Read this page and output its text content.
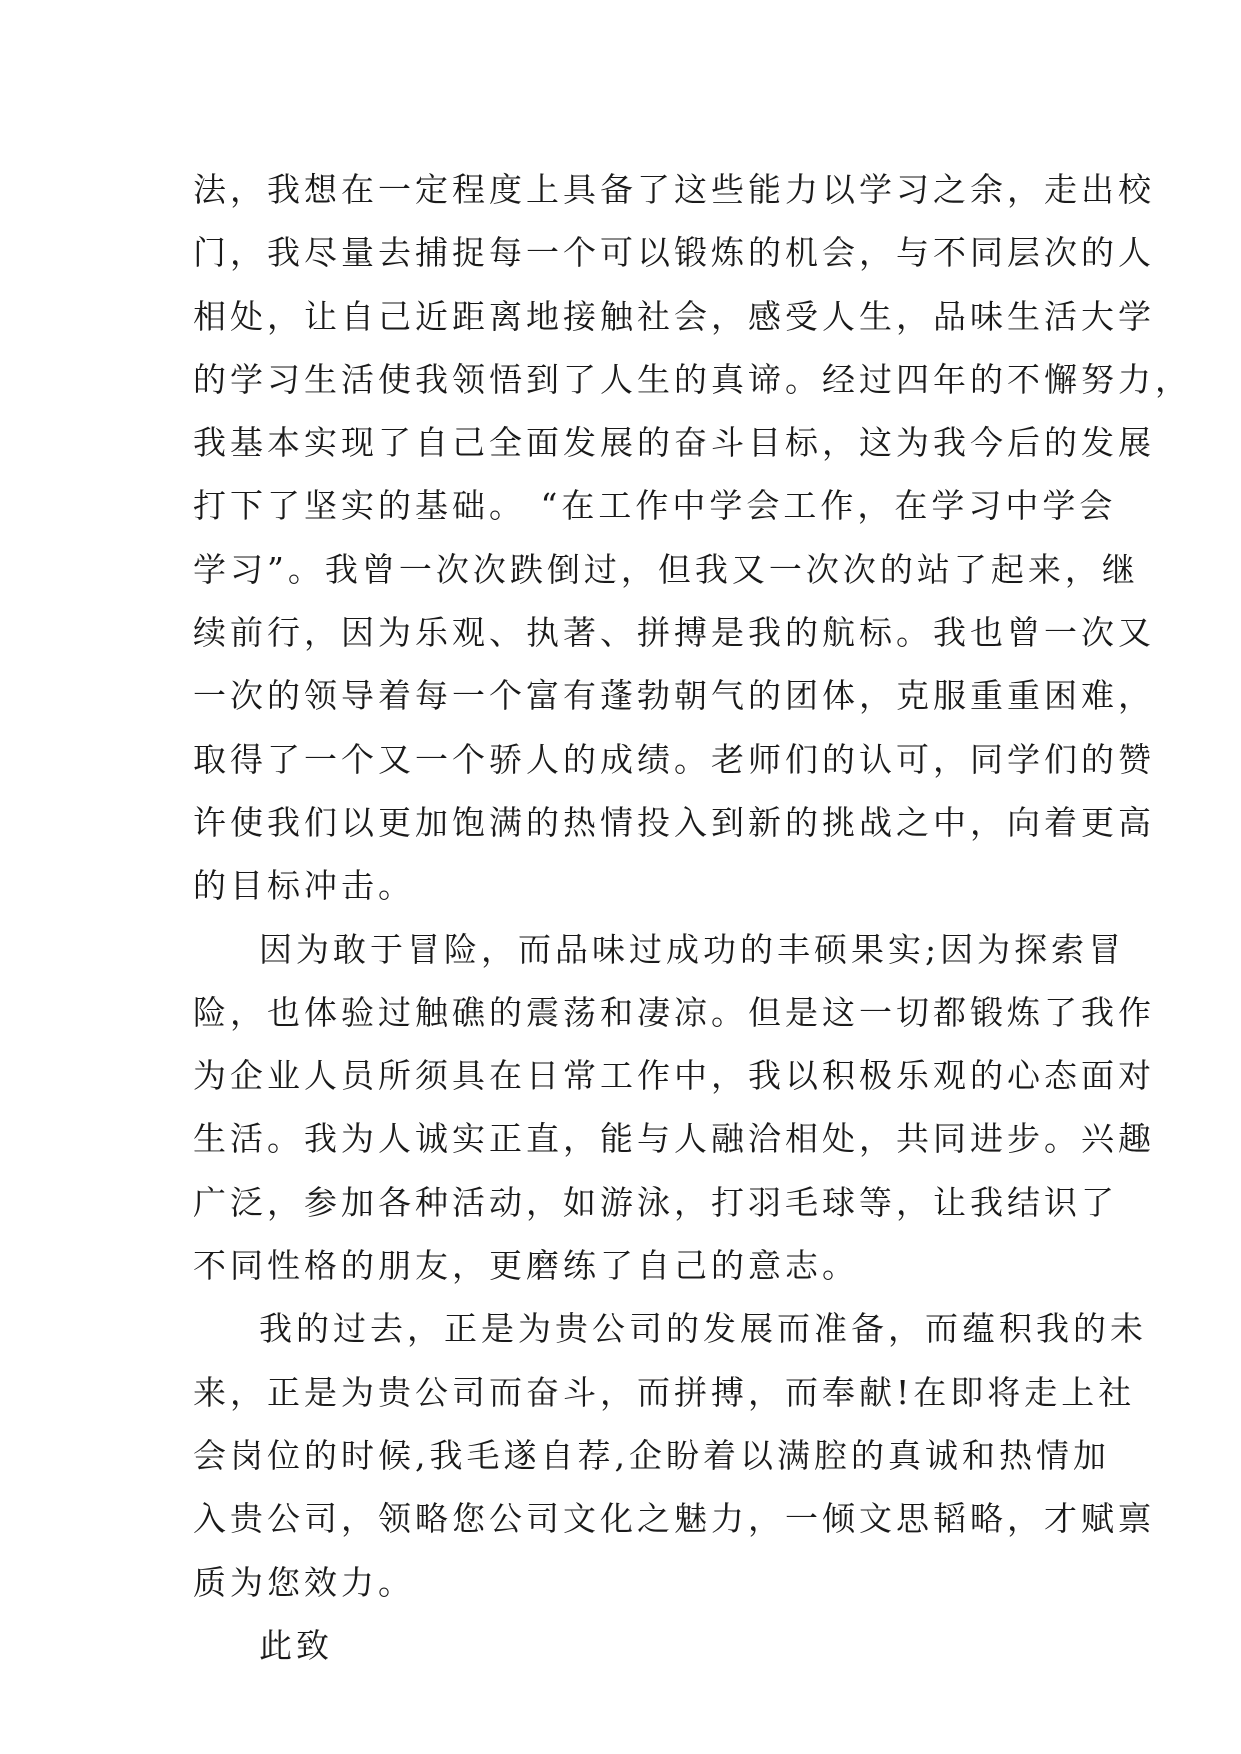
法，我想在一定程度上具备了这些能力以学习之余，走出校
门，我尽量去捕捉每一个可以锻炼的机会，与不同层次的人
相处，让自己近距离地接触社会，感受人生，品味生活大学
的学习生活使我领悟到了人生的真谛。经过四年的不懈努力，
我基本实现了自己全面发展的奋斗目标，这为我今后的发展
打下了坚实的基础。 “在工作中学会工作，在学习中学会
学习”。我曾一次次跌倒过，但我又一次次的站了起来，继
续前行，因为乐观、执著、拼搏是我的航标。我也曾一次又
一次的领导着每一个富有蓬勃朝气的团体，克服重重困难，
取得了一个又一个骄人的成绩。老师们的认可，同学们的赞
许使我们以更加饱满的热情投入到新的挑战之中，向着更高
的目标冲击。
因为敢于冒险，而品味过成功的丰硕果实;因为探索冒
险，也体验过触礁的震荡和凄凉。但是这一切都锻炼了我作
为企业人员所须具在日常工作中，我以积极乐观的心态面对
生活。我为人诚实正直，能与人融洽相处，共同进步。兴趣
广泛，参加各种活动，如游泳，打羽毛球等，让我结识了
不同性格的朋友，更磨练了自己的意志。
我的过去，正是为贵公司的发展而准备，而蕴积我的未
来，正是为贵公司而奋斗，而拼搏，而奉献!在即将走上社
会岗位的时候,我毛遂自荐,企盼着以满腔的真诚和热情加
入贵公司，领略您公司文化之魅力，一倾文思韬略，才赋禀
质为您效力。
此致
